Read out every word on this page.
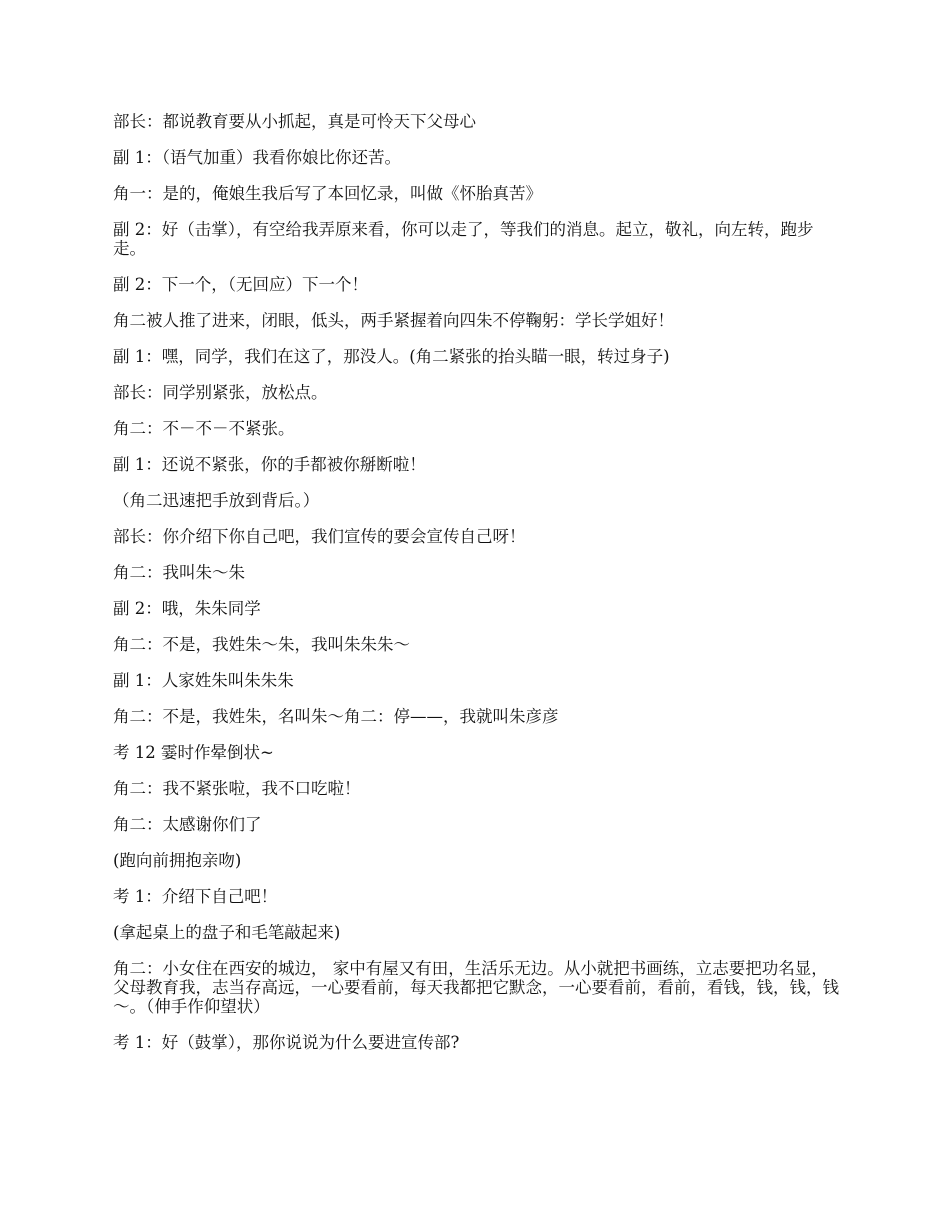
部长：都说教育要从小抓起，真是可怜天下父母心

副 1：（语气加重）我看你娘比你还苦。

角一：是的，俺娘生我后写了本回忆录，叫做《怀胎真苦》

副 2：好（击掌），有空给我弄原来看，你可以走了，等我们的消息。起立，敬礼，向左转，跑步走。

副 2：下一个，（无回应）下一个！

角二被人推了进来，闭眼，低头，两手紧握着向四朱不停鞠躬：学长学姐好！

副 1：嘿，同学，我们在这了，那没人。(角二紧张的抬头瞄一眼，转过身子)

部长：同学别紧张，放松点。

角二：不－不－不紧张。

副 1：还说不紧张，你的手都被你掰断啦！

（角二迅速把手放到背后。）

部长：你介绍下你自己吧，我们宣传的要会宣传自己呀！

角二：我叫朱～朱

副 2：哦，朱朱同学

角二：不是，我姓朱～朱，我叫朱朱朱～

副 1：人家姓朱叫朱朱朱

角二：不是，我姓朱，名叫朱～角二：停——，我就叫朱彦彦

考 12 霎时作晕倒状~

角二：我不紧张啦，我不口吃啦！

角二：太感谢你们了

(跑向前拥抱亲吻)

考 1：介绍下自己吧！

(拿起桌上的盘子和毛笔敲起来)

角二：小女住在西安的城边， 家中有屋又有田，生活乐无边。从小就把书画练，立志要把功名显，父母教育我，志当存高远，一心要看前，每天我都把它默念，一心要看前，看前，看钱，钱，钱，钱～。（伸手作仰望状）

考 1：好（鼓掌），那你说说为什么要进宣传部?
